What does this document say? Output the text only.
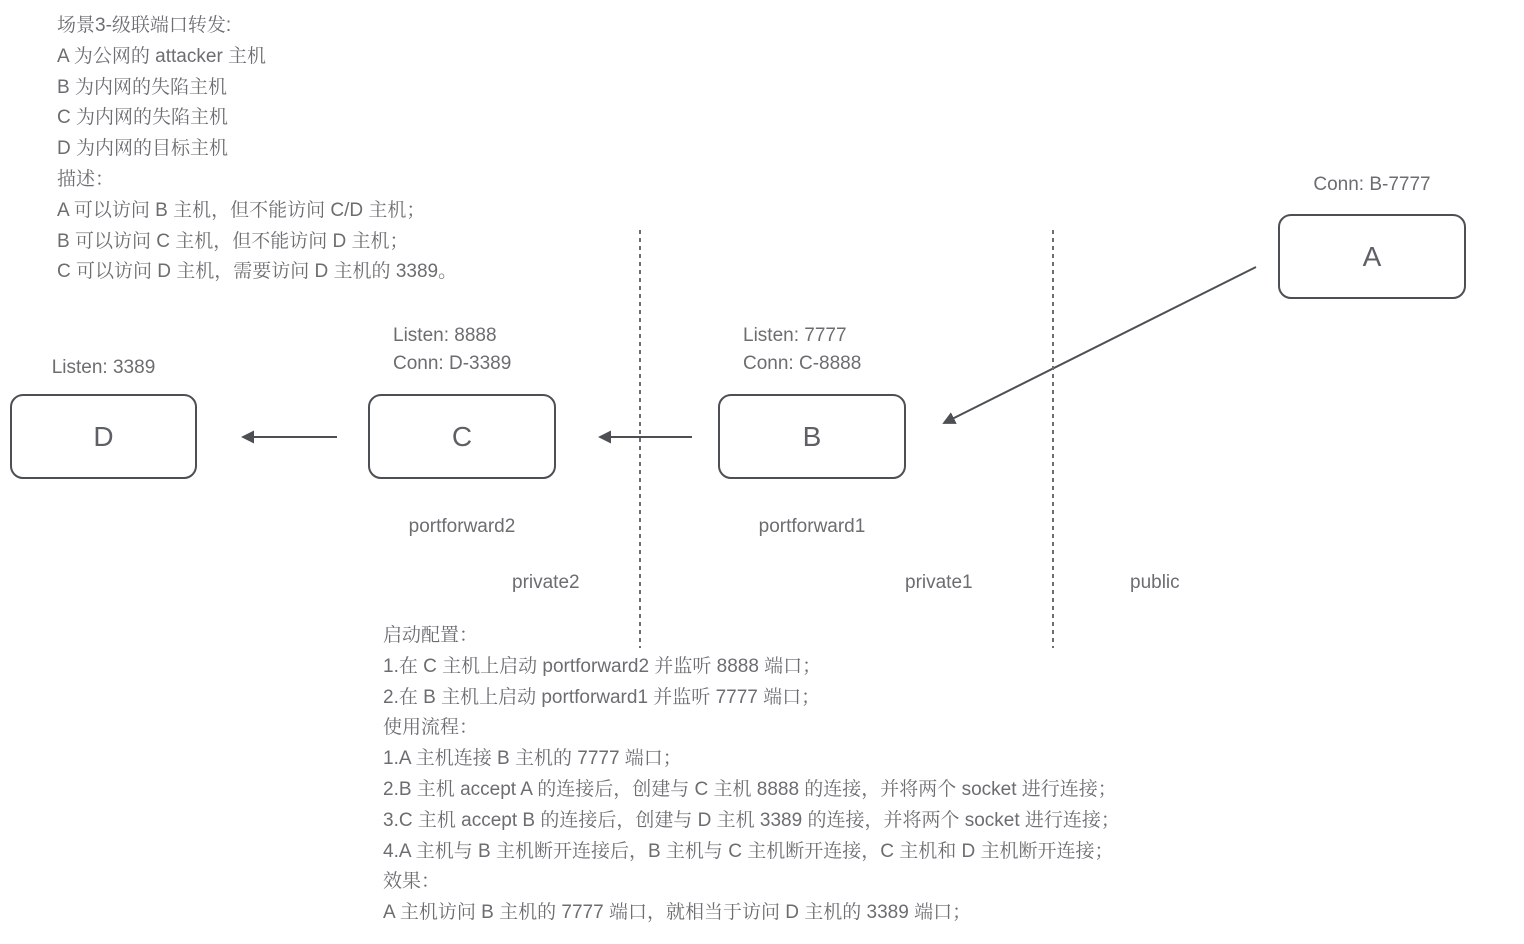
场景3-级联端口转发:
A 为公网的 attacker 主机
B 为内网的失陷主机
C 为内网的失陷主机
D 为内网的目标主机
描述：
A 可以访问 B 主机，但不能访问 C/D 主机；
B 可以访问 C 主机，但不能访问 D 主机；
C 可以访问 D 主机，需要访问 D 主机的 3389。
Conn: B-7777
A
Listen: 7777
Conn: C-8888
B
portforward1
Listen: 8888
Conn: D-3389
C
portforward2
Listen: 3389
D
private2	private1	public
启动配置：
1.在 C 主机上启动 portforward2 并监听 8888 端口；
2.在 B 主机上启动 portforward1 并监听 7777 端口；
使用流程：
1.A 主机连接 B 主机的 7777 端口；
2.B 主机 accept A 的连接后，创建与 C 主机 8888 的连接，并将两个 socket 进行连接；
3.C 主机 accept B 的连接后，创建与 D 主机 3389 的连接，并将两个 socket 进行连接；
4.A 主机与 B 主机断开连接后，B 主机与 C 主机断开连接，C 主机和 D 主机断开连接；
效果：
A 主机访问 B 主机的 7777 端口，就相当于访问 D 主机的 3389 端口；
